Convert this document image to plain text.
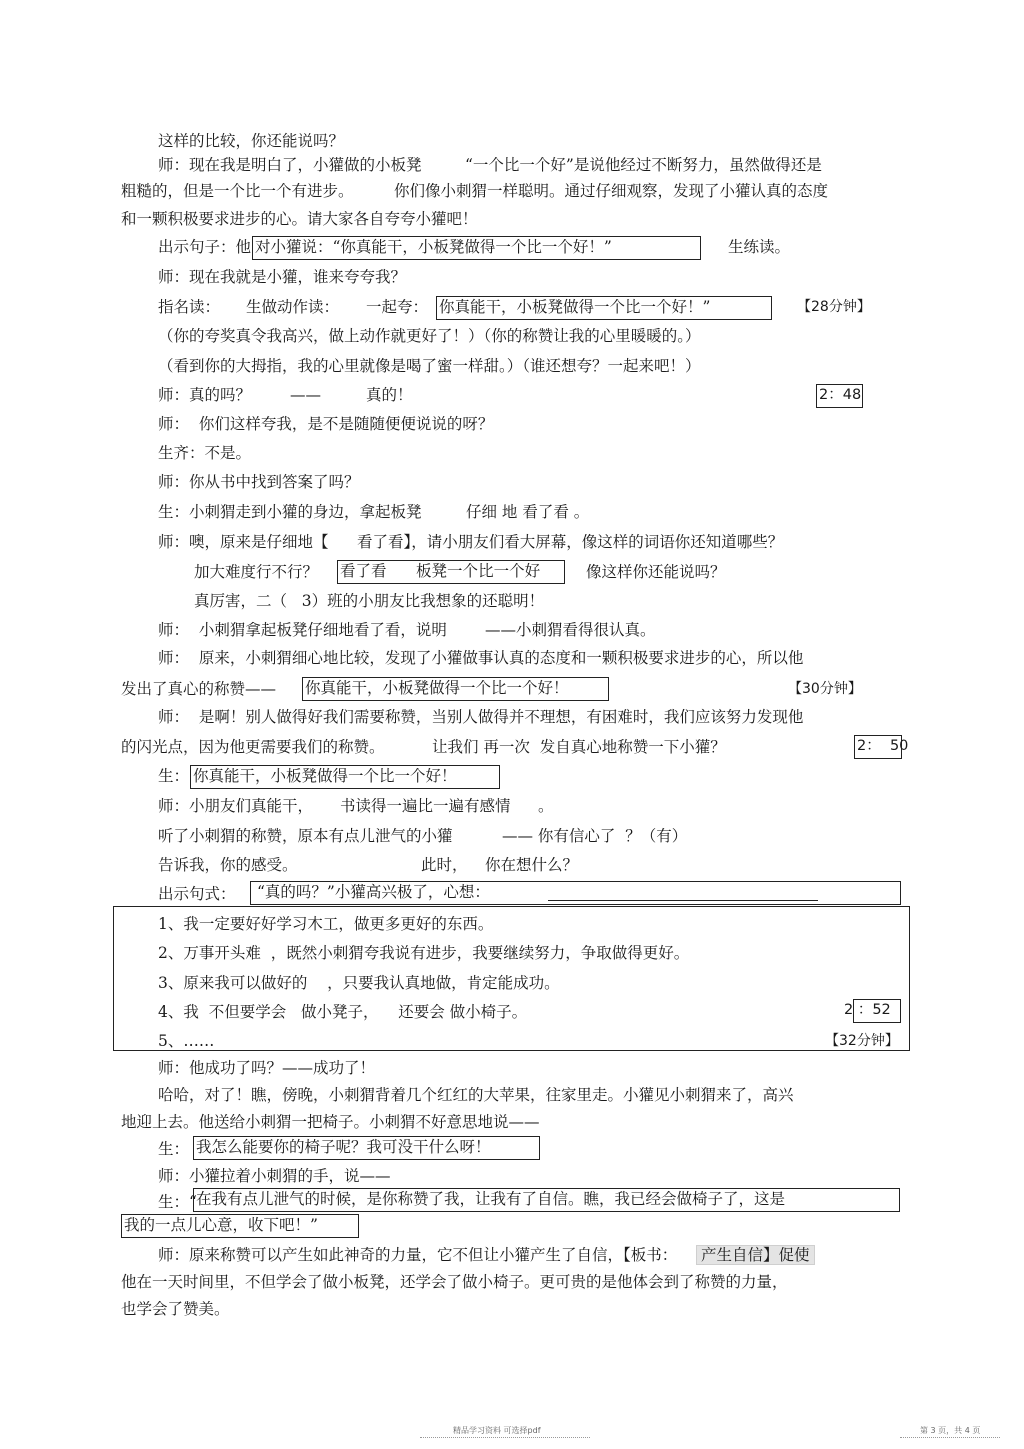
这样的比较，你还能说吗？
师：现在我是明白了，小獾做的小板凳	“一个比一个好”是说他经过不断努力，虽然做得还是
粗糙的，但是一个比一个有进步。	你们像小刺猬一样聪明。通过仔细观察，发现了小獾认真的态度
和一颗积极要求进步的心。请大家各自夸夸小獾吧！
出示句子：他 对小獾说：“你真能干，小板凳做得一个比一个好！”	生练读。
师：现在我就是小獾，谁来夸夸我？
指名读： 生做动作读： 一起夸： 你真能干，小板凳做得一个比一个好！”	【28分钟】
（你的夸奖真令我高兴，做上动作就更好了！）（你的称赞让我的心里暖暖的。）
（看到你的大拇指，我的心里就像是喝了蜜一样甜。）（谁还想夸？一起来吧！）
师：真的吗？	——	真的！	2：48
师：  你们这样夸我，是不是随随便便说说的呀？
生齐：不是。
师：你从书中找到答案了吗？
生：小刺猬走到小獾的身边，拿起板凳	仔细 地 看了看 。
师：噢，原来是仔细地【 看了看】，请小朋友们看大屏幕，像这样的词语你还知道哪些？
加大难度行不行？ 看了看      板凳一个比一个好	像这样你还能说吗？
真厉害，二（   3）班的小朋友比我想象的还聪明！
师：  小刺猬拿起板凳仔细地看了看，说明 ——小刺猬看得很认真。
师：  原来，小刺猬细心地比较，发现了小獾做事认真的态度和一颗积极要求进步的心，所以他
发出了真心的称赞—— 你真能干，小板凳做得一个比一个好！	【30分钟】
师：  是啊！别人做得好我们需要称赞，当别人做得并不理想，有困难时，我们应该努力发现他
的闪光点，因为他更需要我们的称赞。	让我们 再一次  发自真心地称赞一下小獾？	2：  50
生： 你真能干，小板凳做得一个比一个好！
师：小朋友们真能干， 书读得一遍比一遍有感情 。
听了小刺猬的称赞，原本有点儿泄气的小獾	—— 你有信心了  ？（有）
告诉我，你的感受。	此时， 你在想什么？
出示句式： “真的吗？”小獾高兴极了，心想：
1、我一定要好好学习木工，做更多更好的东西。
2、万事开头难  ，既然小刺猬夸我说有进步，我要继续努力，争取做得更好。
3、原来我可以做好的    ，只要我认真地做，肯定能成功。
4、我  不但要学会   做小凳子，    还要会 做小椅子。	2 ：52
5、……	【32分钟】
师：他成功了吗？——成功了！
哈哈，对了！瞧，傍晚，小刺猬背着几个红红的大苹果，往家里走。小獾见小刺猬来了，高兴
地迎上去。他送给小刺猬一把椅子。小刺猬不好意思地说——
生： 我怎么能要你的椅子呢？我可没干什么呀！
师：小獾拉着小刺猬的手，说——
生：“ 在我有点儿泄气的时候，是你称赞了我，让我有了自信。瞧，我已经会做椅子了，这是
我的一点儿心意，收下吧！”
师：原来称赞可以产生如此神奇的力量，它不但让小獾产生了自信，【板书：	产生自信】促使
他在一天时间里，不但学会了做小板凳，还学会了做小椅子。更可贵的是他体会到了称赞的力量，
也学会了赞美。
精品学习资料 可选择pdf	第 3 页，共 4 页
